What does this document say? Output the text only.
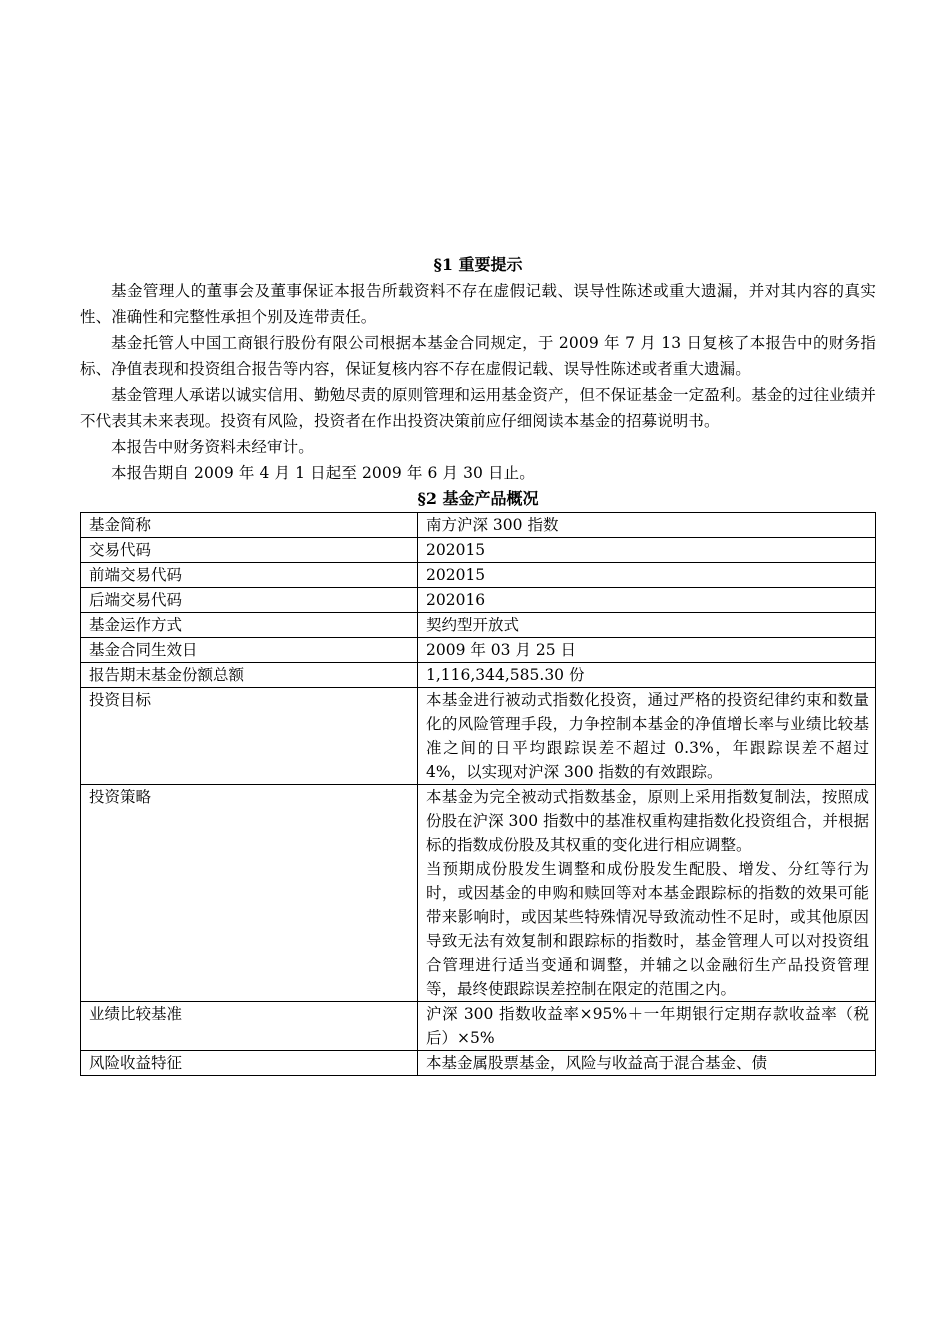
§1 重要提示

基金管理人的董事会及董事保证本报告所载资料不存在虚假记载、误导性陈述或重大遗漏，并对其内容的真实性、准确性和完整性承担个别及连带责任。

基金托管人中国工商银行股份有限公司根据本基金合同规定，于 2009 年 7 月 13 日复核了本报告中的财务指标、净值表现和投资组合报告等内容，保证复核内容不存在虚假记载、误导性陈述或者重大遗漏。

基金管理人承诺以诚实信用、勤勉尽责的原则管理和运用基金资产，但不保证基金一定盈利。基金的过往业绩并不代表其未来表现。投资有风险，投资者在作出投资决策前应仔细阅读本基金的招募说明书。

本报告中财务资料未经审计。

本报告期自 2009 年 4 月 1 日起至 2009 年 6 月 30 日止。

§2 基金产品概况
基金简称	南方沪深 300 指数
交易代码	202015
前端交易代码	202015
后端交易代码	202016
基金运作方式	契约型开放式
基金合同生效日	2009 年 03 月 25 日
报告期末基金份额总额	1,116,344,585.30 份
投资目标	本基金进行被动式指数化投资，通过严格的投资纪律约束和数量化的风险管理手段，力争控制本基金的净值增长率与业绩比较基准之间的日平均跟踪误差不超过 0.3%，年跟踪误差不超过 4%，以实现对沪深 300 指数的有效跟踪。
投资策略	本基金为完全被动式指数基金，原则上采用指数复制法，按照成份股在沪深 300 指数中的基准权重构建指数化投资组合，并根据标的指数成份股及其权重的变化进行相应调整。
当预期成份股发生调整和成份股发生配股、增发、分红等行为时，或因基金的申购和赎回等对本基金跟踪标的指数的效果可能带来影响时，或因某些特殊情况导致流动性不足时，或其他原因导致无法有效复制和跟踪标的指数时，基金管理人可以对投资组合管理进行适当变通和调整，并辅之以金融衍生产品投资管理等，最终使跟踪误差控制在限定的范围之内。

业绩比较基准	沪深 300 指数收益率×95%＋一年期银行定期存款收益率（税后）×5%
风险收益特征	本基金属股票基金，风险与收益高于混合基金、债
